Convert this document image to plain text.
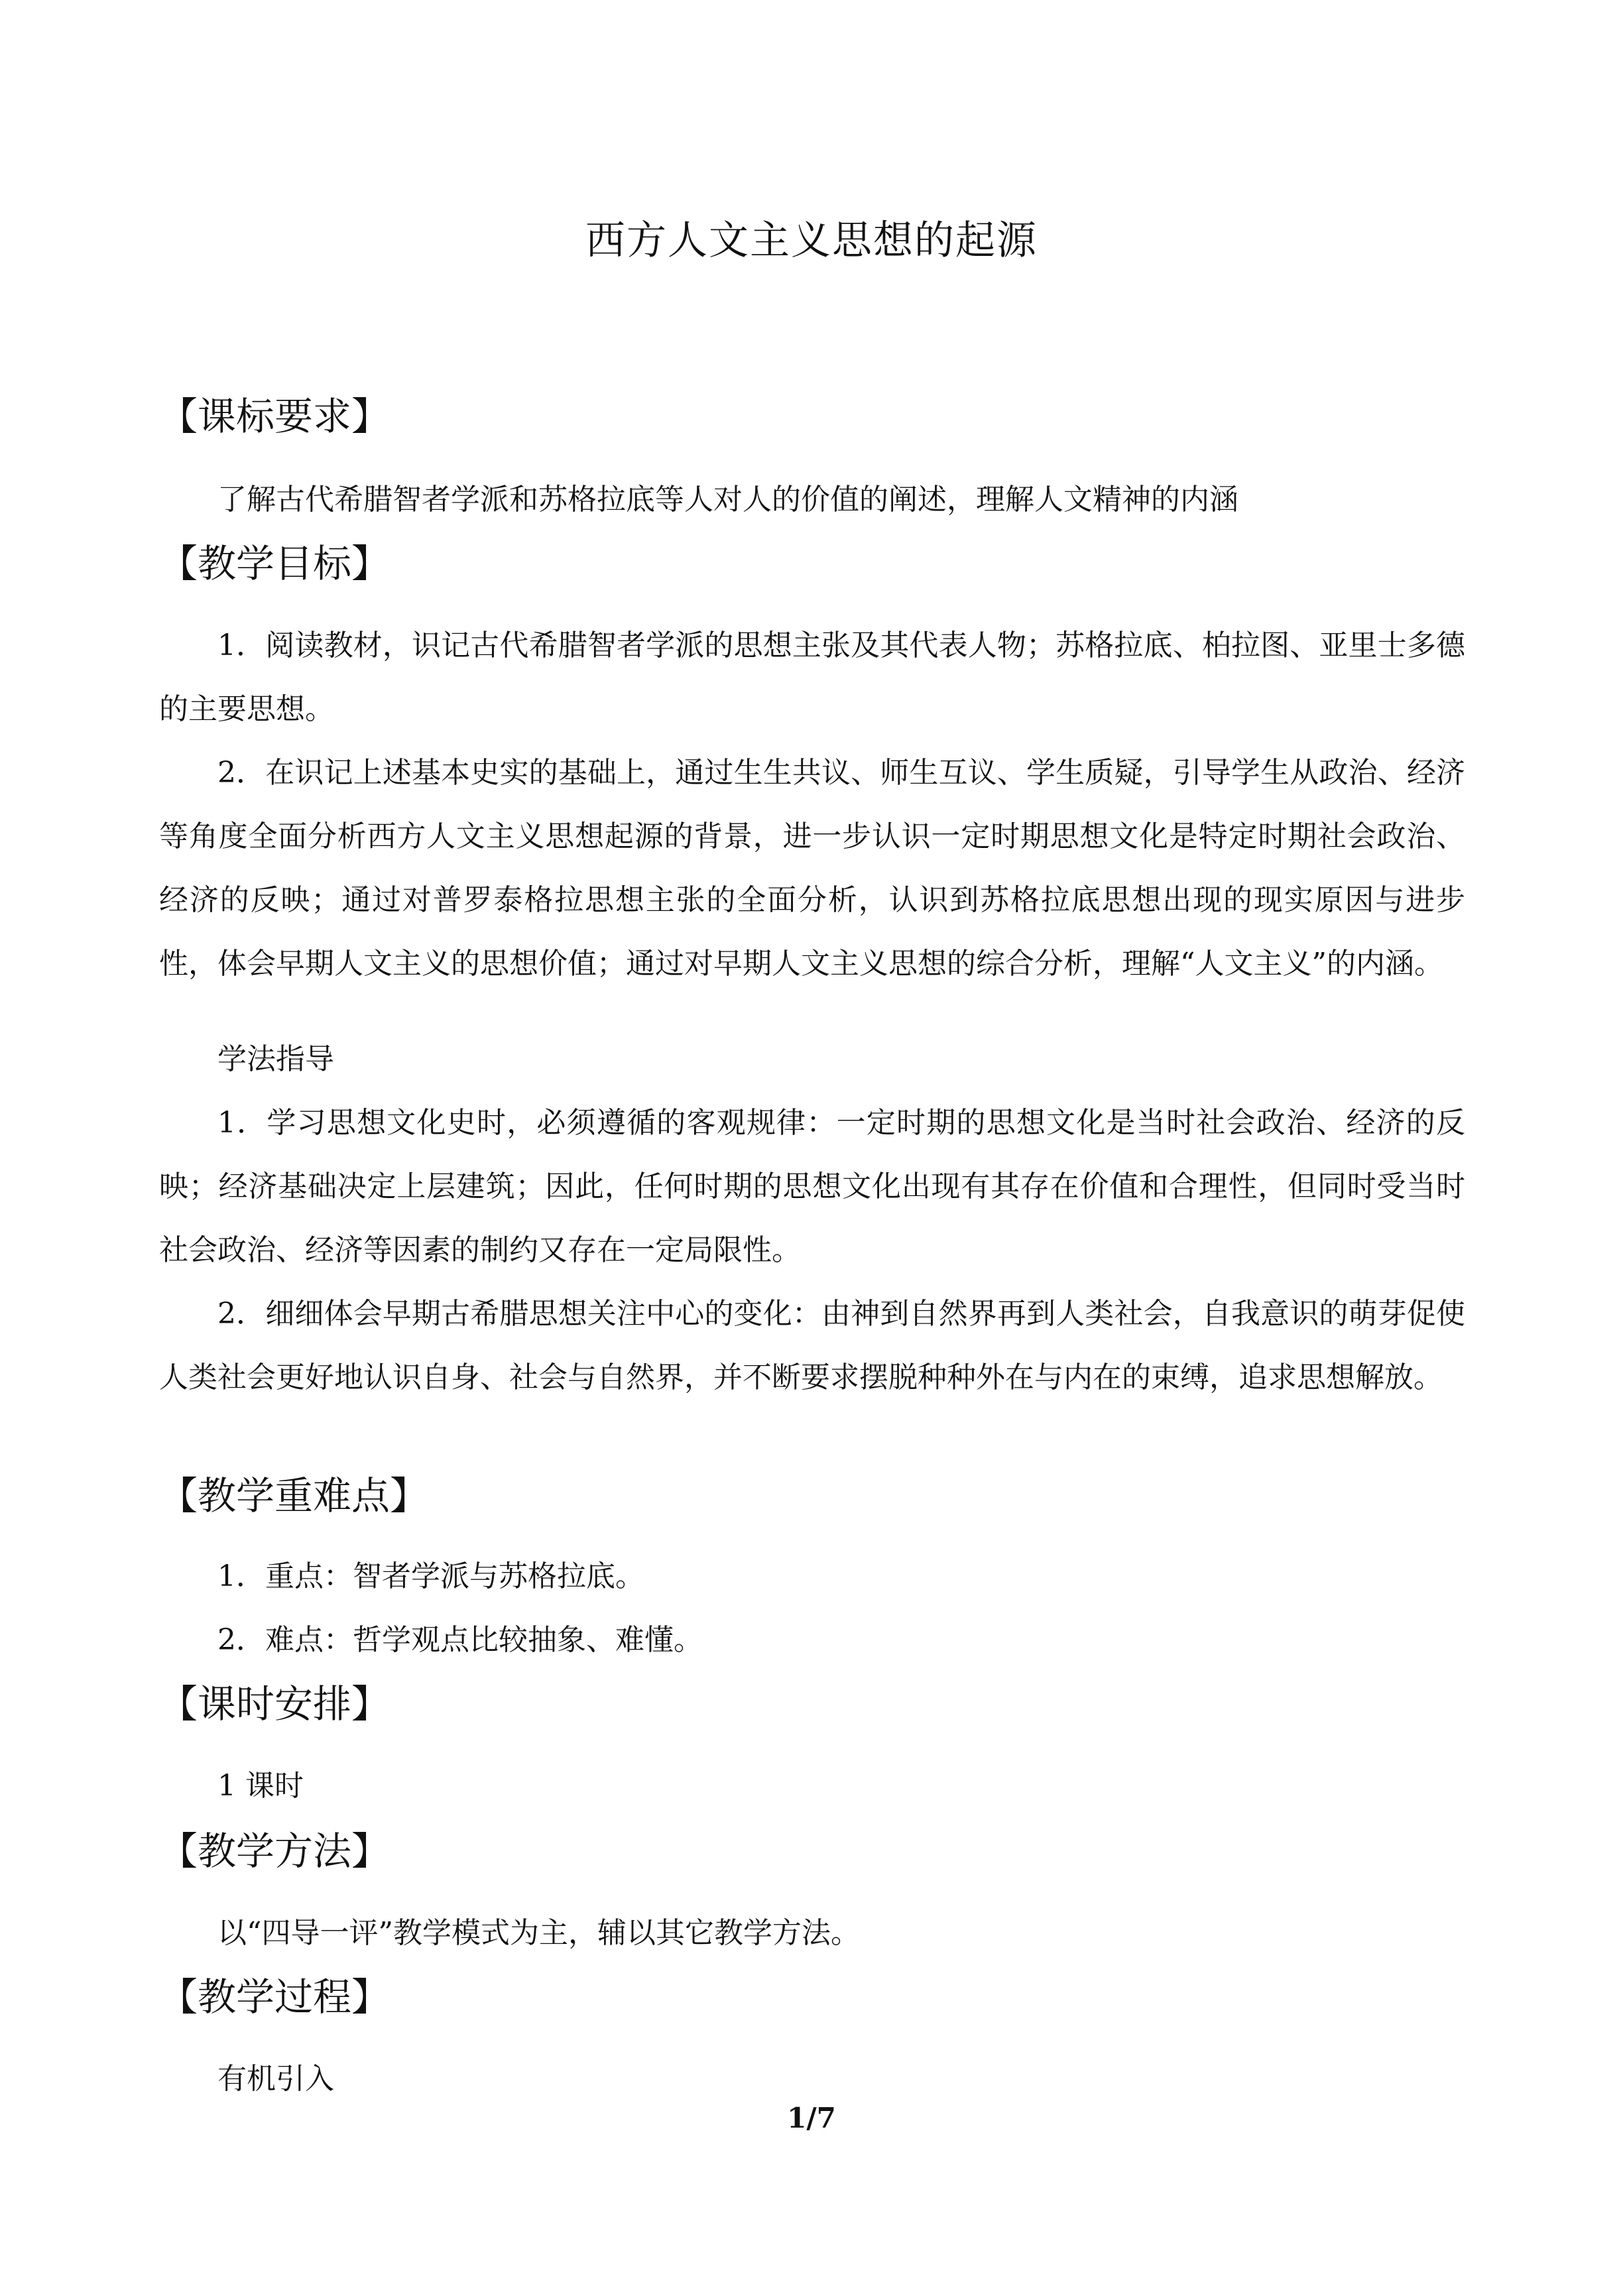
西方人文主义思想的起源
【课标要求】
了解古代希腊智者学派和苏格拉底等人对人的价值的阐述，理解人文精神的内涵
【教学目标】
1．阅读教材，识记古代希腊智者学派的思想主张及其代表人物；苏格拉底、柏拉图、亚里士多德的主要思想。
2．在识记上述基本史实的基础上，通过生生共议、师生互议、学生质疑，引导学生从政治、经济等角度全面分析西方人文主义思想起源的背景，进一步认识一定时期思想文化是特定时期社会政治、经济的反映；通过对普罗泰格拉思想主张的全面分析，认识到苏格拉底思想出现的现实原因与进步性，体会早期人文主义的思想价值；通过对早期人文主义思想的综合分析，理解“人文主义”的内涵。
学法指导
1．学习思想文化史时，必须遵循的客观规律：一定时期的思想文化是当时社会政治、经济的反映；经济基础决定上层建筑；因此，任何时期的思想文化出现有其存在价值和合理性，但同时受当时社会政治、经济等因素的制约又存在一定局限性。
2．细细体会早期古希腊思想关注中心的变化：由神到自然界再到人类社会，自我意识的萌芽促使人类社会更好地认识自身、社会与自然界，并不断要求摆脱种种外在与内在的束缚，追求思想解放。
【教学重难点】
1．重点：智者学派与苏格拉底。
2．难点：哲学观点比较抽象、难懂。
【课时安排】
1 课时
【教学方法】
以“四导一评”教学模式为主，辅以其它教学方法。
【教学过程】
有机引入
1/7
